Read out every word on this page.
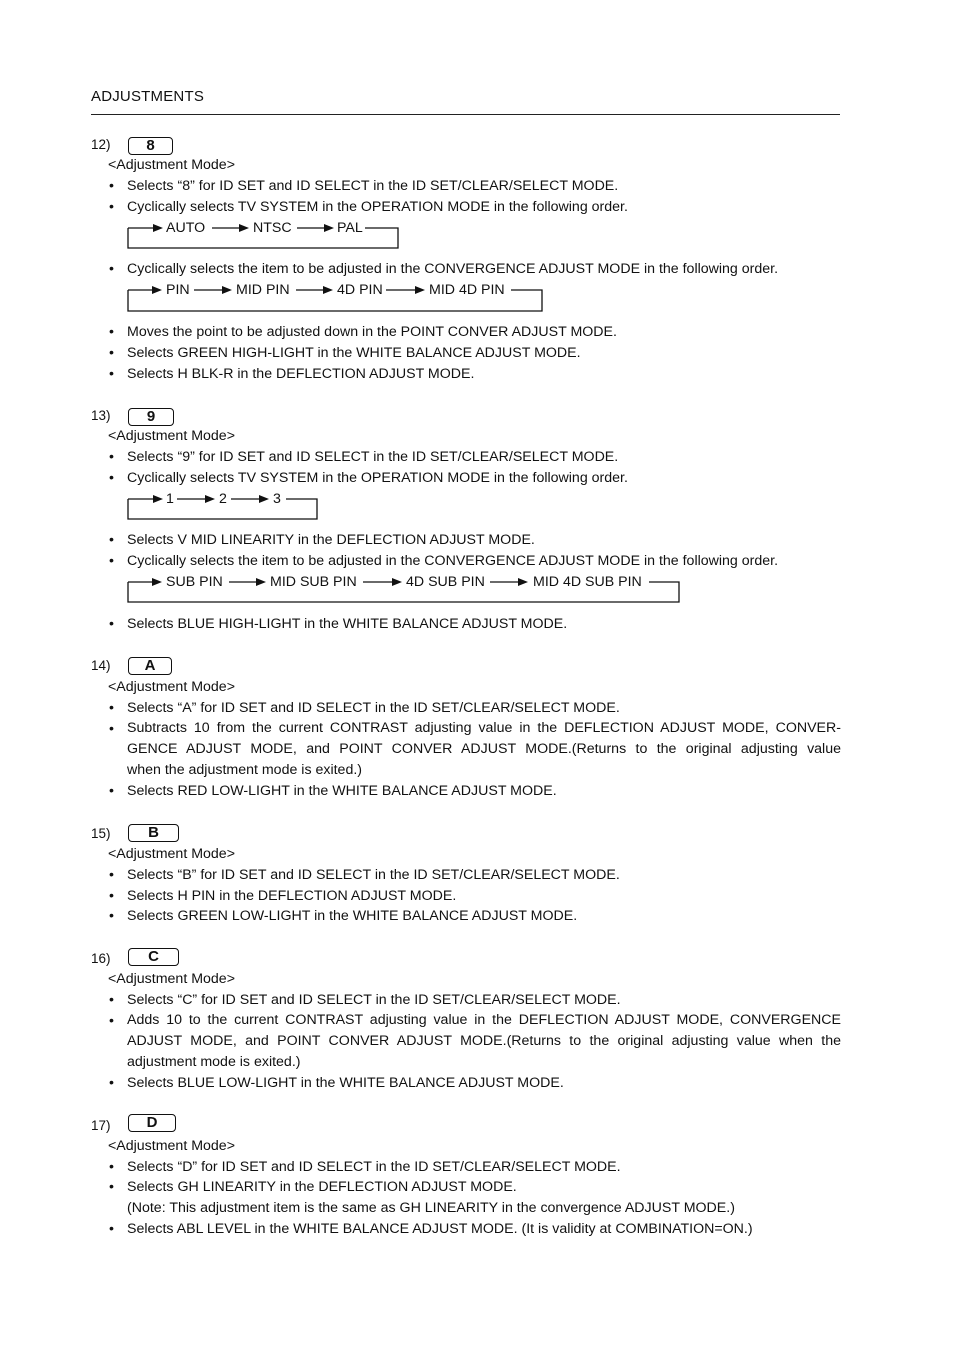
ADJUSTMENTS
12)	8
<Adjustment Mode>
• Selects “8” for ID SET and ID SELECT in the ID SET/CLEAR/SELECT MODE.
• Cyclically selects TV SYSTEM in the OPERATION MODE in the following order.
AUTO	NTSC	PAL
• Cyclically selects the item to be adjusted in the CONVERGENCE ADJUST MODE in the following order.
PIN	MID PIN	4D PIN	MID 4D PIN
• Moves the point to be adjusted down in the POINT CONVER ADJUST MODE.
• Selects GREEN HIGH-LIGHT in the WHITE BALANCE ADJUST MODE.
• Selects H BLK-R in the DEFLECTION ADJUST MODE.
13)	9
<Adjustment Mode>
• Selects “9” for ID SET and ID SELECT in the ID SET/CLEAR/SELECT MODE.
• Cyclically selects TV SYSTEM in the OPERATION MODE in the following order.
1	2	3
• Selects V MID LINEARITY in the DEFLECTION ADJUST MODE.
• Cyclically selects the item to be adjusted in the CONVERGENCE ADJUST MODE in the following order.
SUB PIN	MID SUB PIN	4D SUB PIN	MID 4D SUB PIN
• Selects BLUE HIGH-LIGHT in the WHITE BALANCE ADJUST MODE.
14)	A
<Adjustment Mode>
• Selects “A” for ID SET and ID SELECT in the ID SET/CLEAR/SELECT MODE.
• Subtracts 10 from the current CONTRAST adjusting value in the DEFLECTION ADJUST MODE, CONVER-

GENCE ADJUST MODE, and POINT CONVER ADJUST MODE.(Returns to the original adjusting value

when the adjustment mode is exited.)

• Selects RED LOW-LIGHT in the WHITE BALANCE ADJUST MODE.
15)	B
<Adjustment Mode>
• Selects “B” for ID SET and ID SELECT in the ID SET/CLEAR/SELECT MODE.
• Selects H PIN in the DEFLECTION ADJUST MODE.
• Selects GREEN LOW-LIGHT in the WHITE BALANCE ADJUST MODE.
16)	C
<Adjustment Mode>
• Selects “C” for ID SET and ID SELECT in the ID SET/CLEAR/SELECT MODE.
• Adds 10 to the current CONTRAST adjusting value in the DEFLECTION ADJUST MODE, CONVERGENCE

ADJUST MODE, and POINT CONVER ADJUST MODE.(Returns to the original adjusting value when the

adjustment mode is exited.)

• Selects BLUE LOW-LIGHT in the WHITE BALANCE ADJUST MODE.
17)	D
<Adjustment Mode>
• Selects “D” for ID SET and ID SELECT in the ID SET/CLEAR/SELECT MODE.
• Selects GH LINEARITY in the DEFLECTION ADJUST MODE.
(Note: This adjustment item is the same as GH LINEARITY in the convergence ADJUST MODE.)
• Selects ABL LEVEL in the WHITE BALANCE ADJUST MODE. (It is validity at COMBINATION=ON.)
